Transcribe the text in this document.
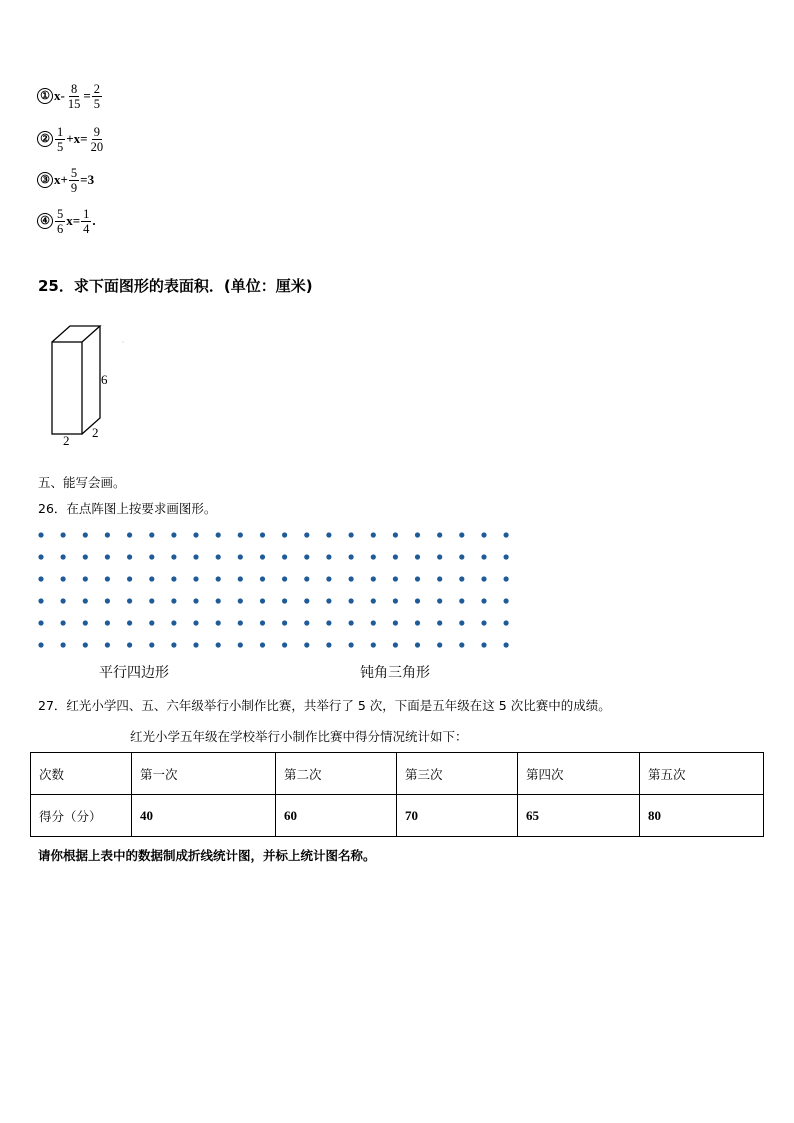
① $x- \frac{8}{15} = \frac{2}{5}$
② $\frac{1}{5} +x= \frac{9}{20}$
③ $x+ \frac{5}{9} =3$
④ $\frac{5}{6} x= \frac{1}{4}$ .
25．求下面图形的表面积．(单位：厘米)
6
2
2
五、能写会画。
26．在点阵图上按要求画图形。
平行四边形	钝角三角形
27．红光小学四、五、六年级举行小制作比赛，共举行了 5 次，下面是五年级在这 5 次比赛中的成绩。
红光小学五年级在学校举行小制作比赛中得分情况统计如下：
次数	第一次	第二次	第三次	第四次	第五次
得分（分）	40	60	70	65	80
请你根据上表中的数据制成折线统计图，并标上统计图名称。
